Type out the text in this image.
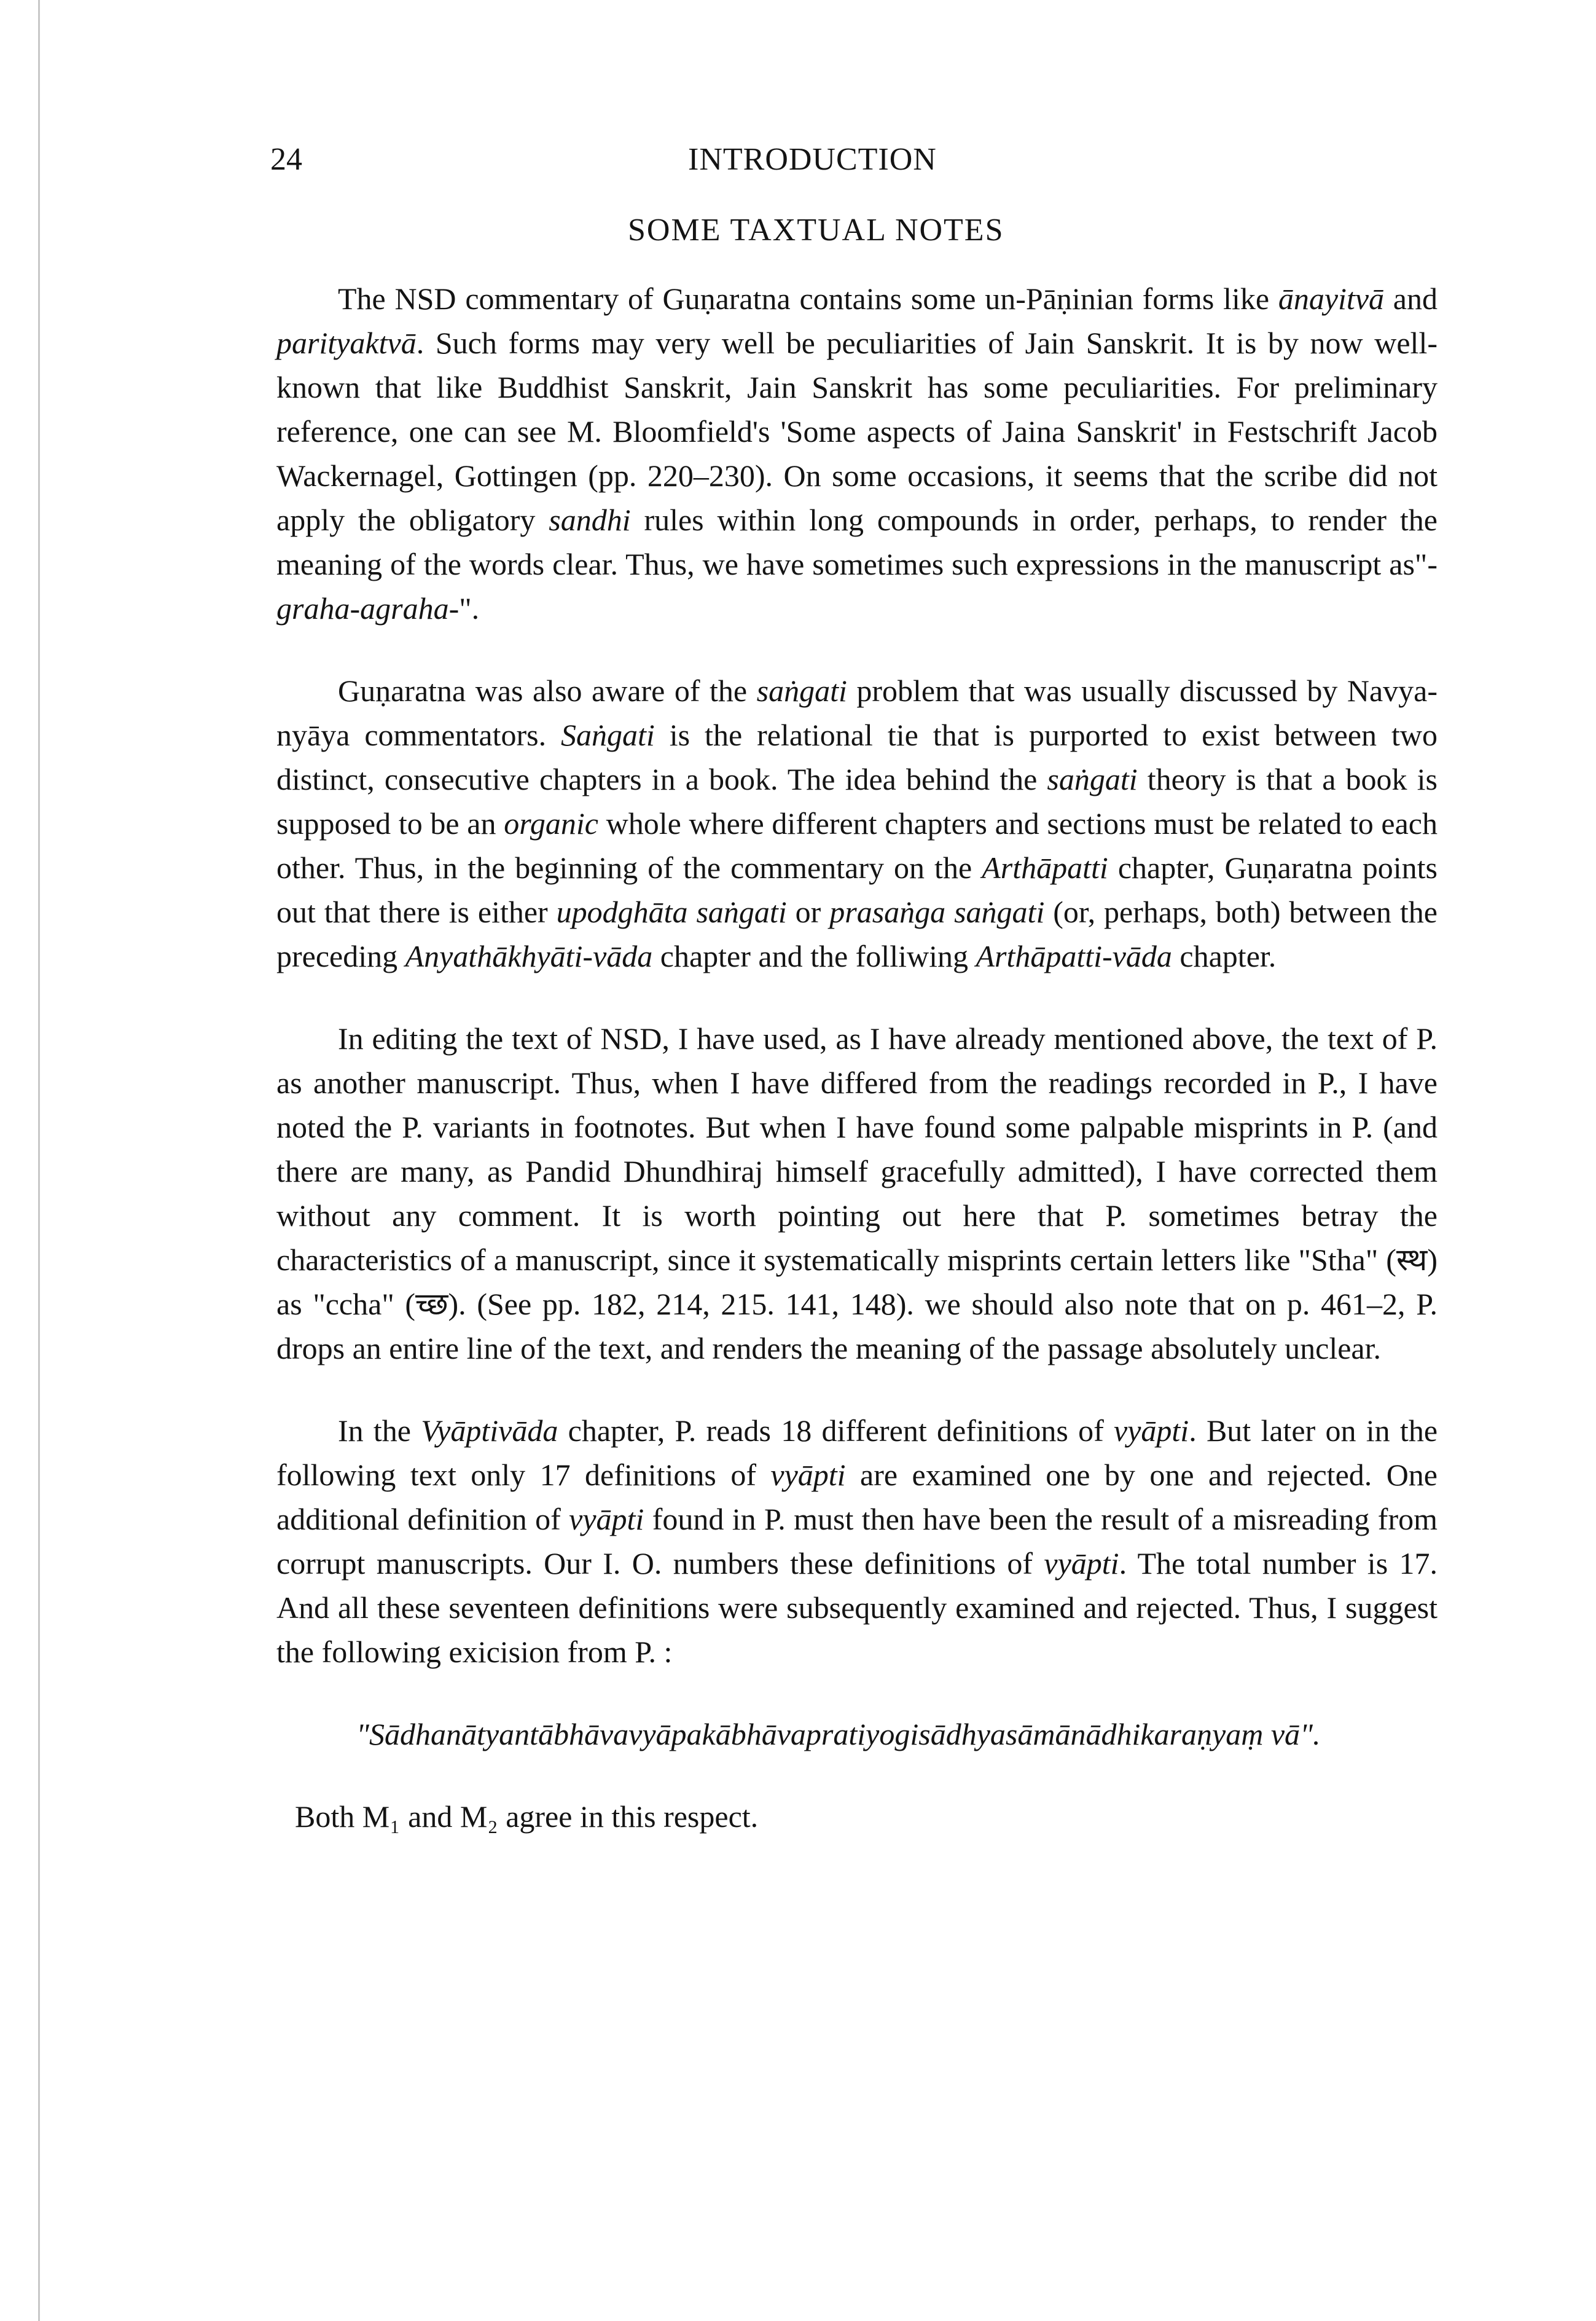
24	INTRODUCTION
SOME TAXTUAL NOTES

The NSD commentary of Guṇaratna contains some un-Pāṇinian forms like ānayitvā and parityaktvā. Such forms may very well be peculiarities of Jain Sanskrit. It is by now well-known that like Buddhist Sanskrit, Jain Sanskrit has some peculiarities. For preliminary reference, one can see M. Bloomfield's 'Some aspects of Jaina Sanskrit' in Festschrift Jacob Wackernagel, Gottingen (pp. 220–230). On some occasions, it seems that the scribe did not apply the obligatory sandhi rules within long compounds in order, perhaps, to render the meaning of the words clear. Thus, we have sometimes such expressions in the manuscript as"-graha-agraha-".

Guṇaratna was also aware of the saṅgati problem that was usually discussed by Navya-nyāya commentators. Saṅgati is the relational tie that is purported to exist between two distinct, consecutive chapters in a book. The idea behind the saṅgati theory is that a book is supposed to be an organic whole where different chapters and sections must be related to each other. Thus, in the beginning of the commentary on the Arthāpatti chapter, Guṇaratna points out that there is either upodghāta saṅgati or prasaṅga saṅgati (or, perhaps, both) between the preceding Anyathākhyāti-vāda chapter and the folliwing Arthāpatti-vāda chapter.

In editing the text of NSD, I have used, as I have already mentioned above, the text of P. as another manuscript. Thus, when I have differed from the readings recorded in P., I have noted the P. variants in footnotes. But when I have found some palpable misprints in P. (and there are many, as Pandid Dhundhiraj himself gracefully admitted), I have corrected them without any comment. It is worth pointing out here that P. sometimes betray the characteristics of a manuscript, since it systematically misprints certain letters like "Stha" (स्थ) as "ccha" (च्छ). (See pp. 182, 214, 215. 141, 148). we should also note that on p. 461–2, P. drops an entire line of the text, and renders the meaning of the passage absolutely unclear.

In the Vyāptivāda chapter, P. reads 18 different definitions of vyāpti. But later on in the following text only 17 definitions of vyāpti are examined one by one and rejected. One additional definition of vyāpti found in P. must then have been the result of a misreading from corrupt manuscripts. Our I. O. numbers these definitions of vyāpti. The total number is 17. And all these seventeen definitions were subsequently examined and rejected. Thus, I suggest the following exicision from P. :

"Sādhanātyantābhāvavyāpakābhāvapratiyogisādhyasāmānādhikaraṇyaṃ vā".

Both M₁ and M₂ agree in this respect.
